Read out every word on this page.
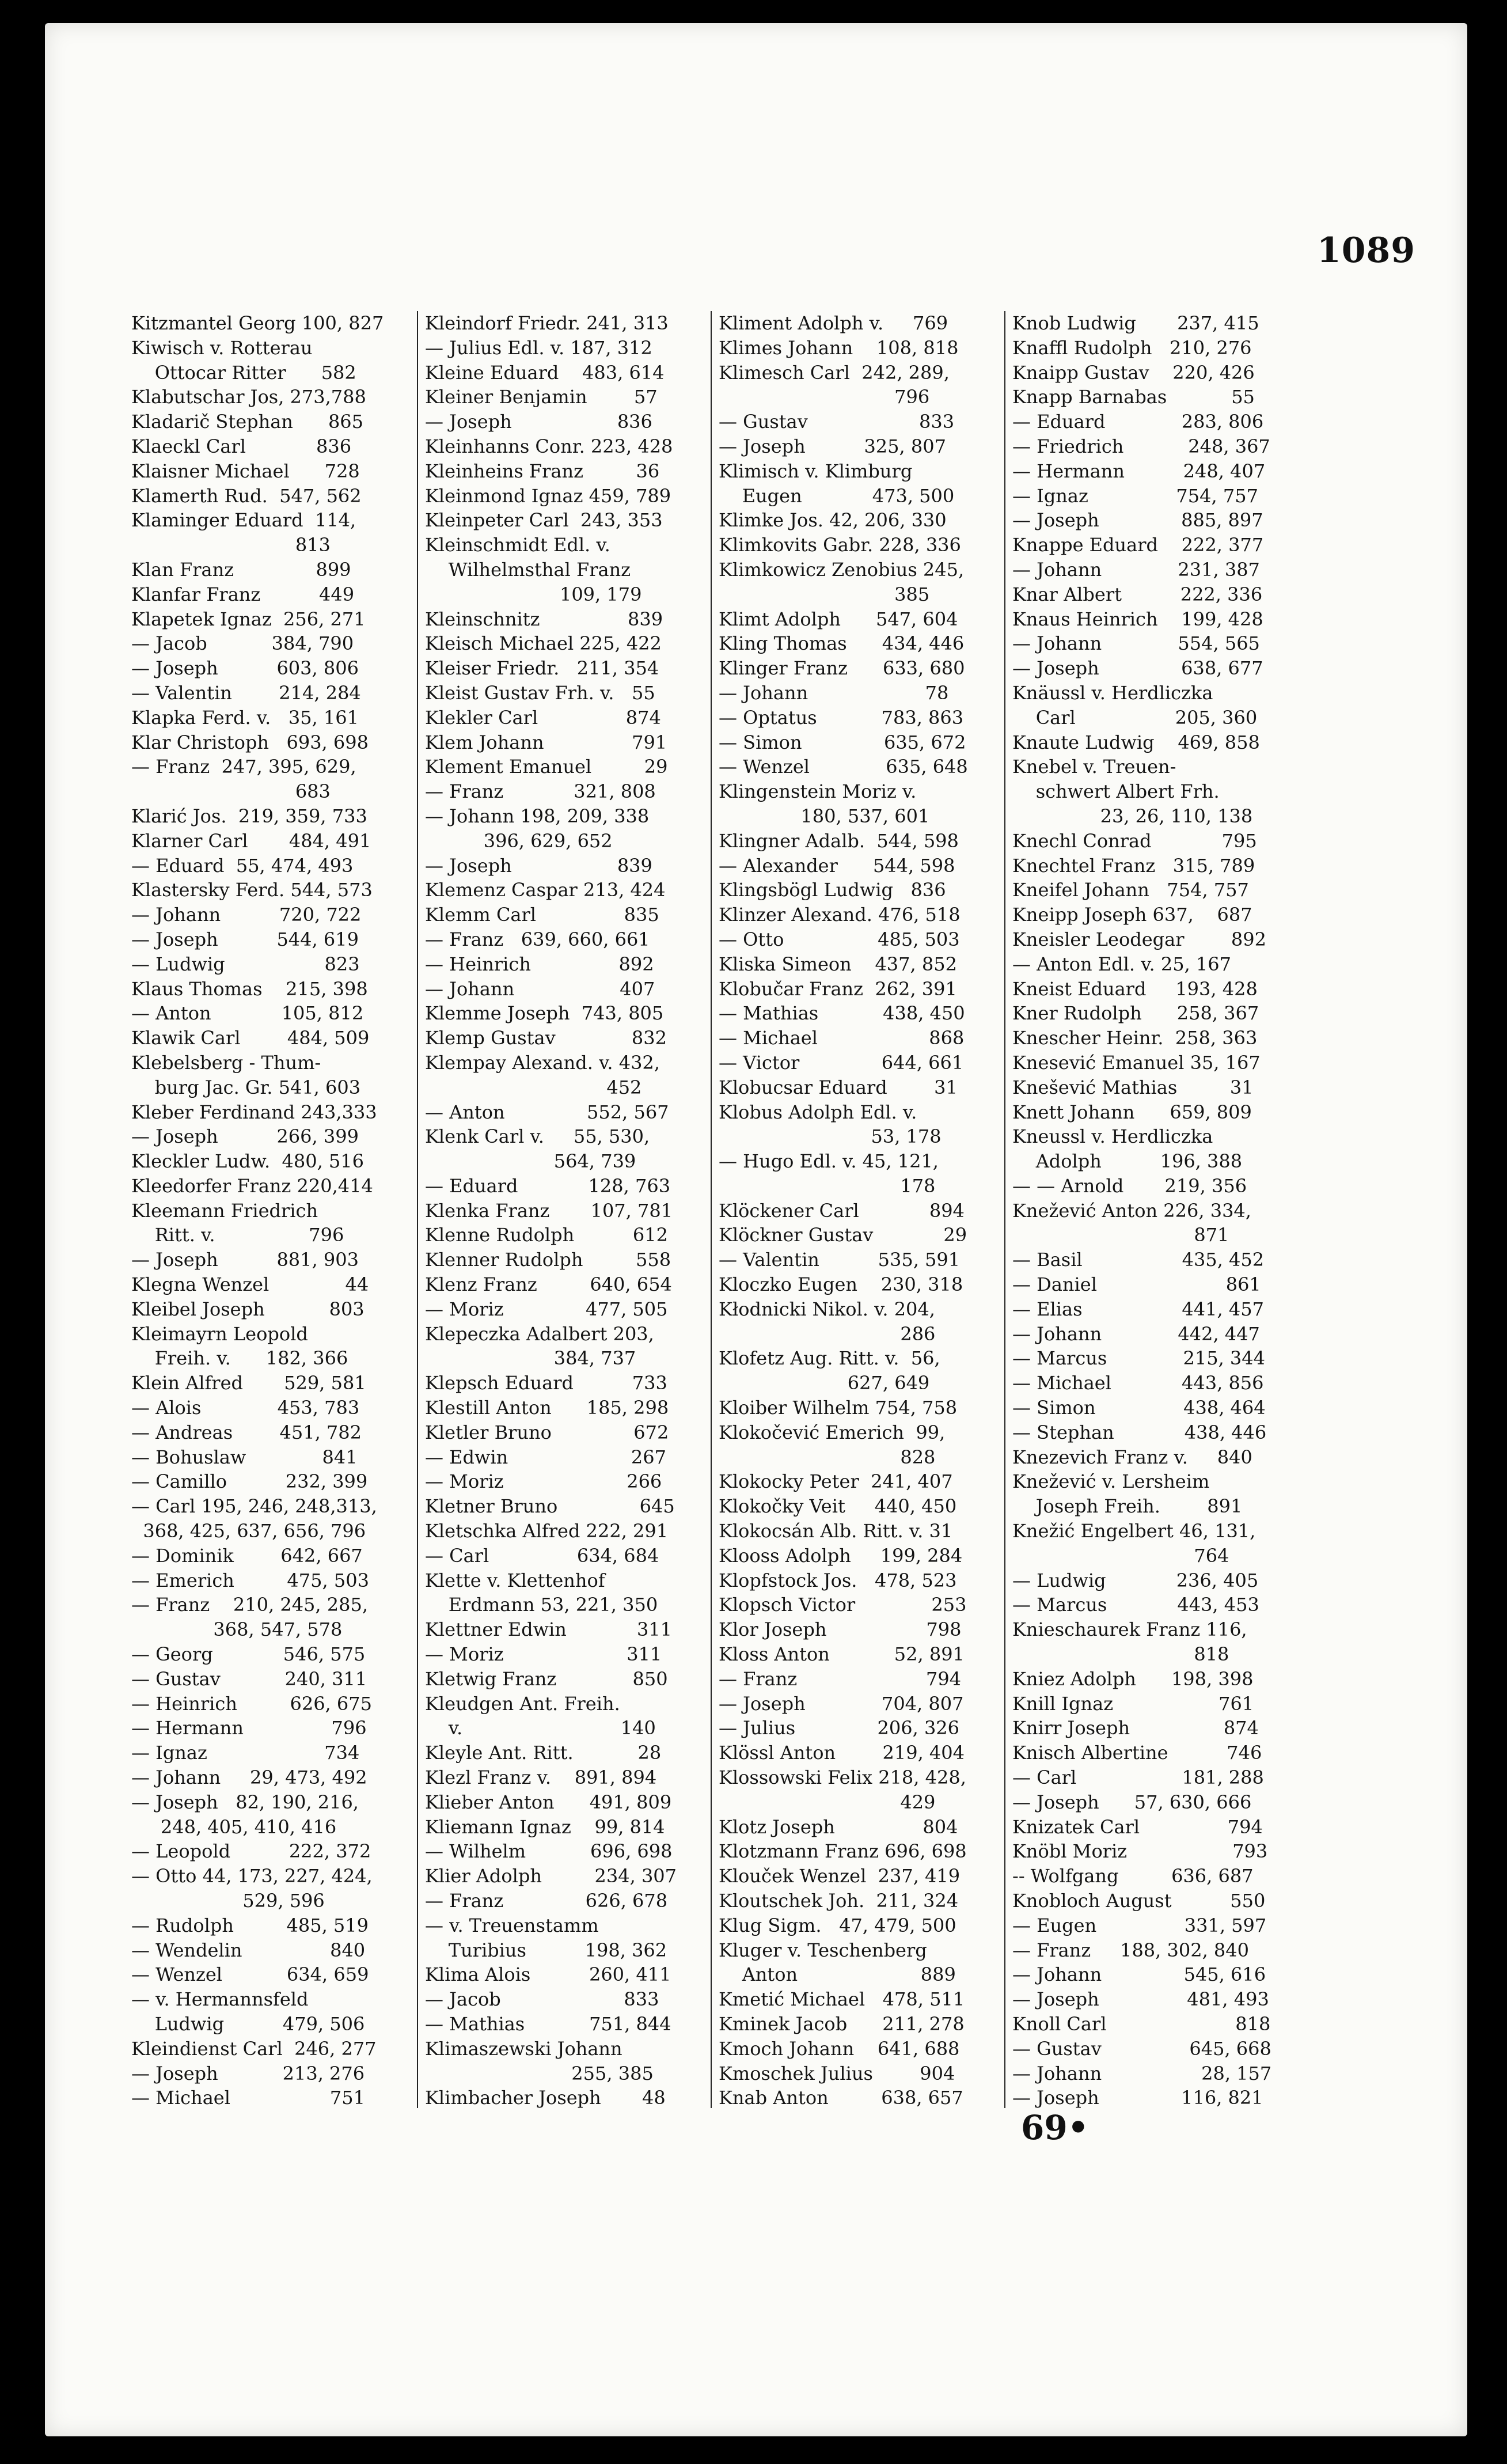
1089
Kitzmantel Georg 100, 827
Kiwisch v. Rotterau
Ottocar Ritter      582
Klabutschar Jos, 273,788
Kladarič Stephan      865
Klaeckl Carl            836
Klaisner Michael      728
Klamerth Rud.  547, 562
Klaminger Eduard  114,
813
Klan Franz              899
Klanfar Franz          449
Klapetek Ignaz  256, 271
— Jacob           384, 790
— Joseph          603, 806
— Valentin        214, 284
Klapka Ferd. v.   35, 161
Klar Christoph   693, 698
— Franz  247, 395, 629,
683
Klarić Jos.  219, 359, 733
Klarner Carl       484, 491
— Eduard  55, 474, 493
Klastersky Ferd. 544, 573
— Johann          720, 722
— Joseph          544, 619
— Ludwig                 823
Klaus Thomas    215, 398
— Anton            105, 812
Klawik Carl        484, 509
Klebelsberg - Thum-
burg Jac. Gr. 541, 603
Kleber Ferdinand 243,333
— Joseph          266, 399
Kleckler Ludw.  480, 516
Kleedorfer Franz 220,414
Kleemann Friedrich
Ritt. v.                796
— Joseph          881, 903
Klegna Wenzel             44
Kleibel Joseph           803
Kleimayrn Leopold
Freih. v.      182, 366
Klein Alfred       529, 581
— Alois             453, 783
— Andreas        451, 782
— Bohuslaw             841
— Camillo          232, 399
— Carl 195, 246, 248,313,
368, 425, 637, 656, 796
— Dominik        642, 667
— Emerich         475, 503
— Franz    210, 245, 285,
368, 547, 578
— Georg            546, 575
— Gustav           240, 311
— Heinrich         626, 675
— Hermann               796
— Ignaz                    734
— Johann     29, 473, 492
— Joseph   82, 190, 216,
248, 405, 410, 416
— Leopold          222, 372
— Otto 44, 173, 227, 424,
529, 596
— Rudolph         485, 519
— Wendelin               840
— Wenzel           634, 659
— v. Hermannsfeld
Ludwig          479, 506
Kleindienst Carl  246, 277
— Joseph           213, 276
— Michael                 751
Kleindorf Friedr. 241, 313
— Julius Edl. v. 187, 312
Kleine Eduard    483, 614
Kleiner Benjamin        57
— Joseph                  836
Kleinhanns Conr. 223, 428
Kleinheins Franz         36
Kleinmond Ignaz 459, 789
Kleinpeter Carl  243, 353
Kleinschmidt Edl. v.
Wilhelmsthal Franz
109, 179
Kleinschnitz               839
Kleisch Michael 225, 422
Kleiser Friedr.   211, 354
Kleist Gustav Frh. v.   55
Klekler Carl               874
Klem Johann               791
Klement Emanuel         29
— Franz            321, 808
— Johann 198, 209, 338
396, 629, 652
— Joseph                  839
Klemenz Caspar 213, 424
Klemm Carl               835
— Franz   639, 660, 661
— Heinrich               892
— Johann                  407
Klemme Joseph  743, 805
Klemp Gustav             832
Klempay Alexand. v. 432,
452
— Anton              552, 567
Klenk Carl v.     55, 530,
564, 739
— Eduard            128, 763
Klenka Franz       107, 781
Klenne Rudolph          612
Klenner Rudolph         558
Klenz Franz         640, 654
— Moriz              477, 505
Klepeczka Adalbert 203,
384, 737
Klepsch Eduard          733
Klestill Anton      185, 298
Kletler Bruno              672
— Edwin                     267
— Moriz                     266
Kletner Bruno              645
Kletschka Alfred 222, 291
— Carl               634, 684
Klette v. Klettenhof
Erdmann 53, 221, 350
Klettner Edwin            311
— Moriz                     311
Kletwig Franz             850
Kleudgen Ant. Freih.
v.                           140
Kleyle Ant. Ritt.           28
Klezl Franz v.    891, 894
Klieber Anton      491, 809
Kliemann Ignaz    99, 814
— Wilhelm           696, 698
Klier Adolph         234, 307
— Franz              626, 678
— v. Treuenstamm
Turibius          198, 362
Klima Alois          260, 411
— Jacob                     833
— Mathias           751, 844
Klimaszewski Johann
255, 385
Klimbacher Joseph       48
Kliment Adolph v.     769
Klimes Johann    108, 818
Klimesch Carl  242, 289,
796
— Gustav                   833
— Joseph          325, 807
Klimisch v. Klimburg
Eugen            473, 500
Klimke Jos. 42, 206, 330
Klimkovits Gabr. 228, 336
Klimkowicz Zenobius 245,
385
Klimt Adolph      547, 604
Kling Thomas      434, 446
Klinger Franz      633, 680
— Johann                    78
— Optatus           783, 863
— Simon              635, 672
— Wenzel             635, 648
Klingenstein Moriz v.
180, 537, 601
Klingner Adalb.  544, 598
— Alexander      544, 598
Klingsbögl Ludwig   836
Klinzer Alexand. 476, 518
— Otto                485, 503
Kliska Simeon    437, 852
Klobučar Franz  262, 391
— Mathias           438, 450
— Michael                   868
— Victor              644, 661
Klobucsar Eduard        31
Klobus Adolph Edl. v.
53, 178
— Hugo Edl. v. 45, 121,
178
Klöckener Carl            894
Klöckner Gustav            29
— Valentin          535, 591
Kloczko Eugen    230, 318
Kłodnicki Nikol. v. 204,
286
Klofetz Aug. Ritt. v.  56,
627, 649
Kloiber Wilhelm 754, 758
Klokočević Emerich  99,
828
Klokocky Peter  241, 407
Klokočky Veit     440, 450
Klokocsán Alb. Ritt. v. 31
Klooss Adolph     199, 284
Klopfstock Jos.   478, 523
Klopsch Victor             253
Klor Joseph                 798
Kloss Anton           52, 891
— Franz                      794
— Joseph             704, 807
— Julius              206, 326
Klössl Anton        219, 404
Klossowski Felix 218, 428,
429
Klotz Joseph               804
Klotzmann Franz 696, 698
Klouček Wenzel  237, 419
Kloutschek Joh.  211, 324
Klug Sigm.   47, 479, 500
Kluger v. Teschenberg
Anton                     889
Kmetić Michael   478, 511
Kminek Jacob      211, 278
Kmoch Johann    641, 688
Kmoschek Julius        904
Knab Anton         638, 657
Knob Ludwig       237, 415
Knaffl Rudolph   210, 276
Knaipp Gustav    220, 426
Knapp Barnabas           55
— Eduard             283, 806
— Friedrich           248, 367
— Hermann          248, 407
— Ignaz               754, 757
— Joseph              885, 897
Knappe Eduard    222, 377
— Johann             231, 387
Knar Albert          222, 336
Knaus Heinrich    199, 428
— Johann             554, 565
— Joseph              638, 677
Knäussl v. Herdliczka
Carl                 205, 360
Knaute Ludwig    469, 858
Knebel v. Treuen-
schwert Albert Frh.
23, 26, 110, 138
Knechl Conrad            795
Knechtel Franz   315, 789
Kneifel Johann   754, 757
Kneipp Joseph 637,    687
Kneisler Leodegar        892
— Anton Edl. v. 25, 167
Kneist Eduard     193, 428
Kner Rudolph      258, 367
Knescher Heinr.  258, 363
Knesević Emanuel 35, 167
Knešević Mathias         31
Knett Johann      659, 809
Kneussl v. Herdliczka
Adolph          196, 388
— — Arnold       219, 356
Knežević Anton 226, 334,
871
— Basil                 435, 452
— Daniel                      861
— Elias                 441, 457
— Johann             442, 447
— Marcus             215, 344
— Michael            443, 856
— Simon               438, 464
— Stephan            438, 446
Knezevich Franz v.     840
Knežević v. Lersheim
Joseph Freih.        891
Knežić Engelbert 46, 131,
764
— Ludwig            236, 405
— Marcus            443, 453
Knieschaurek Franz 116,
818
Kniez Adolph      198, 398
Knill Ignaz                  761
Knirr Joseph                874
Knisch Albertine          746
— Carl                  181, 288
— Joseph      57, 630, 666
Knizatek Carl               794
Knöbl Moriz                  793
-- Wolfgang         636, 687
Knobloch August          550
— Eugen               331, 597
— Franz     188, 302, 840
— Johann              545, 616
— Joseph               481, 493
Knoll Carl                      818
— Gustav               645, 668
— Johann                 28, 157
— Joseph              116, 821
69•
